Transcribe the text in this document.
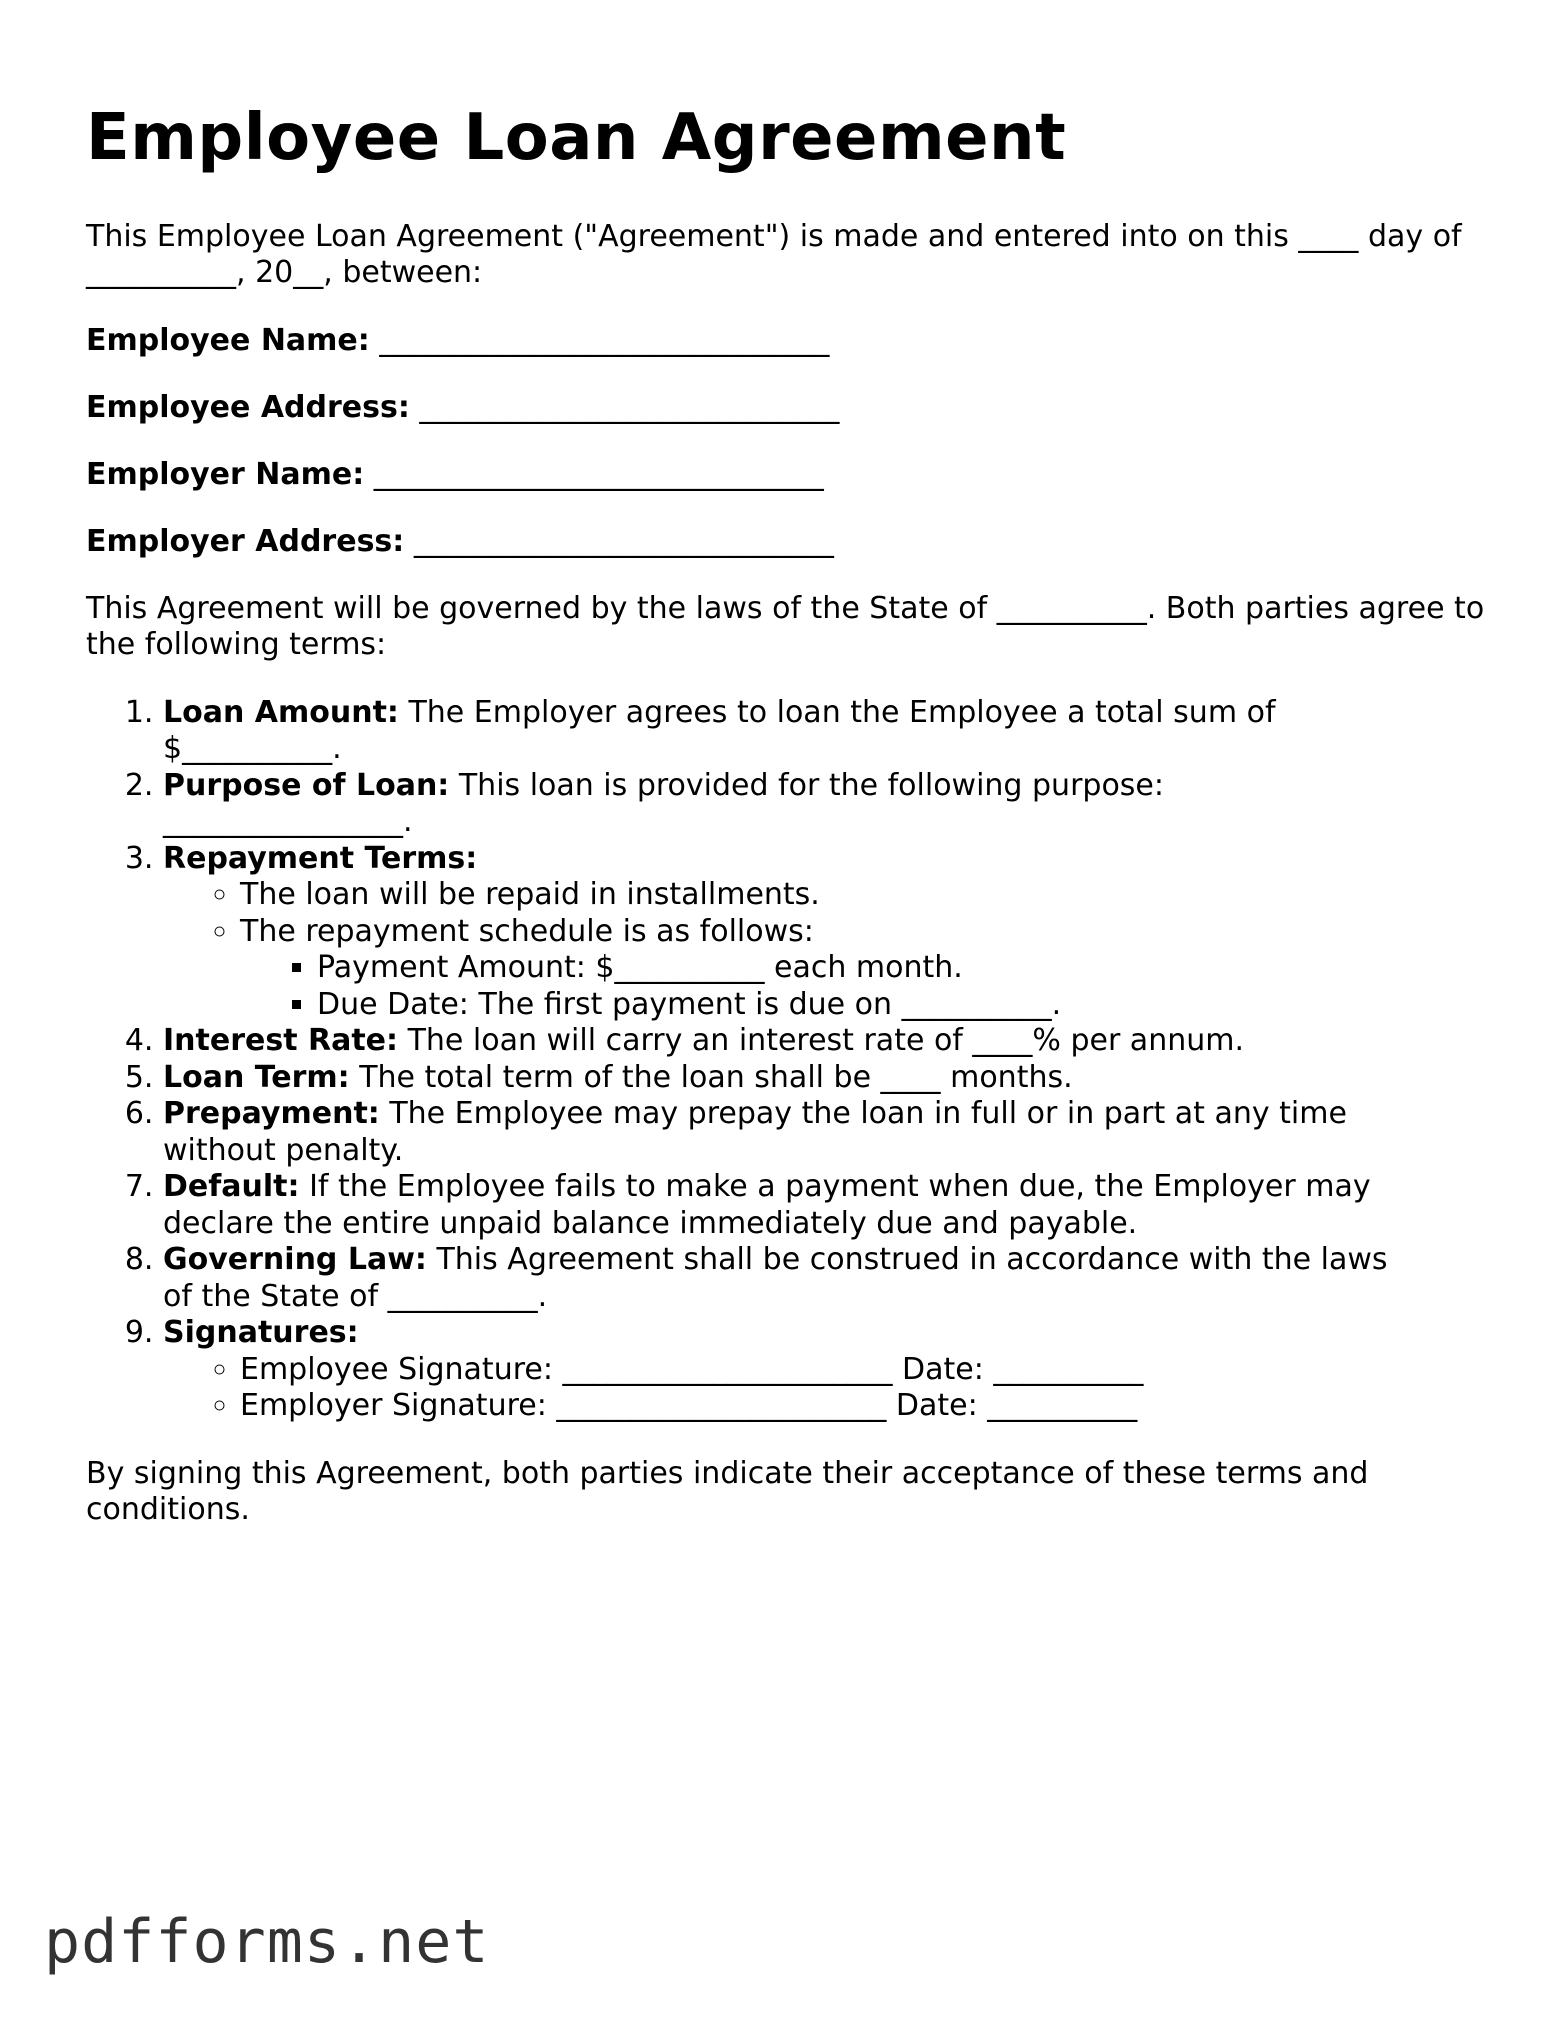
Employee Loan Agreement

This Employee Loan Agreement ("Agreement") is made and entered into on this ____ day of __________, 20__, between:

Employee Name: ______________________________
Employee Address: ____________________________
Employer Name: ______________________________
Employer Address: ____________________________

This Agreement will be governed by the laws of the State of __________. Both parties agree to the following terms:

1. Loan Amount: The Employer agrees to loan the Employee a total sum of $__________.
2. Purpose of Loan: This loan is provided for the following purpose: ________________.
3. Repayment Terms:
◦ The loan will be repaid in installments.
◦ The repayment schedule is as follows:
▪ Payment Amount: $__________ each month.
▪ Due Date: The first payment is due on __________.
4. Interest Rate: The loan will carry an interest rate of ____% per annum.
5. Loan Term: The total term of the loan shall be ____ months.
6. Prepayment: The Employee may prepay the loan in full or in part at any time without penalty.
7. Default: If the Employee fails to make a payment when due, the Employer may declare the entire unpaid balance immediately due and payable.
8. Governing Law: This Agreement shall be construed in accordance with the laws of the State of __________.
9. Signatures:
◦ Employee Signature: ______________________ Date: __________
◦ Employer Signature: ______________________ Date: __________

By signing this Agreement, both parties indicate their acceptance of these terms and conditions.

pdfforms.net
